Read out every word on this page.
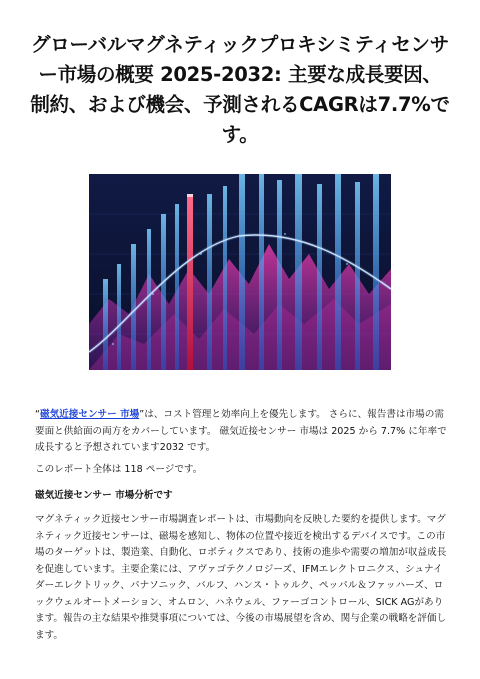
グローバルマグネティックプロキシミティセンサー市場の概要 2025-2032: 主要な成長要因、制約、および機会、予測されるCAGRは7.7%です。

“磁気近接センサー 市場”は、コスト管理と効率向上を優先します。 さらに、報告書は市場の需要面と供給面の両方をカバーしています。 磁気近接センサー 市場は 2025 から 7.7% に年率で成長すると予想されています2032 です。

このレポート全体は 118 ページです。

磁気近接センサー 市場分析です

マグネティック近接センサー市場調査レポートは、市場動向を反映した要約を提供します。マグネティック近接センサーは、磁場を感知し、物体の位置や接近を検出するデバイスです。この市場のターゲットは、製造業、自動化、ロボティクスであり、技術の進歩や需要の増加が収益成長を促進しています。主要企業には、アヴァゴテクノロジーズ、IFMエレクトロニクス、シュナイダーエレクトリック、パナソニック、バルフ、ハンス・トゥルク、ペッパル＆ファッハーズ、ロックウェルオートメーション、オムロン、ハネウェル、ファーゴコントロール、SICK AGがあります。報告の主な結果や推奨事項については、今後の市場展望を含め、関与企業の戦略を評価します。
